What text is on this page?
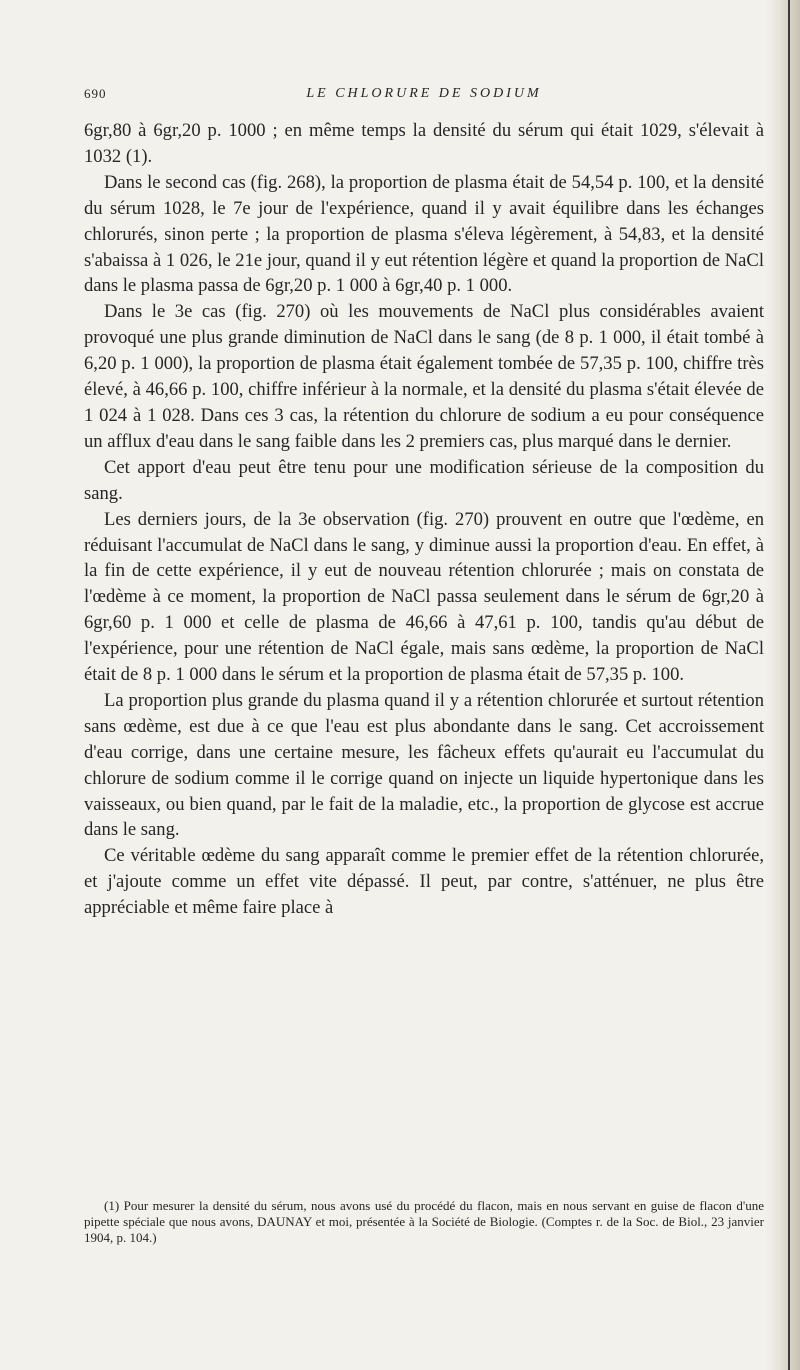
690	LE CHLORURE DE SODIUM

6gr,80 à 6gr,20 p. 1000 ; en même temps la densité du sérum qui était 1029, s'élevait à 1032 (1).

Dans le second cas (fig. 268), la proportion de plasma était de 54,54 p. 100, et la densité du sérum 1028, le 7e jour de l'expérience, quand il y avait équilibre dans les échanges chlorurés, sinon perte ; la proportion de plasma s'éleva légèrement, à 54,83, et la densité s'abaissa à 1 026, le 21e jour, quand il y eut rétention légère et quand la proportion de NaCl dans le plasma passa de 6gr,20 p. 1 000 à 6gr,40 p. 1 000.

Dans le 3e cas (fig. 270) où les mouvements de NaCl plus considérables avaient provoqué une plus grande diminution de NaCl dans le sang (de 8 p. 1 000, il était tombé à 6,20 p. 1 000), la proportion de plasma était également tombée de 57,35 p. 100, chiffre très élevé, à 46,66 p. 100, chiffre inférieur à la normale, et la densité du plasma s'était élevée de 1 024 à 1 028. Dans ces 3 cas, la rétention du chlorure de sodium a eu pour conséquence un afflux d'eau dans le sang faible dans les 2 premiers cas, plus marqué dans le dernier.

Cet apport d'eau peut être tenu pour une modification sérieuse de la composition du sang.

Les derniers jours, de la 3e observation (fig. 270) prouvent en outre que l'œdème, en réduisant l'accumulat de NaCl dans le sang, y diminue aussi la proportion d'eau. En effet, à la fin de cette expérience, il y eut de nouveau rétention chlorurée ; mais on constata de l'œdème à ce moment, la proportion de NaCl passa seulement dans le sérum de 6gr,20 à 6gr,60 p. 1 000 et celle de plasma de 46,66 à 47,61 p. 100, tandis qu'au début de l'expérience, pour une rétention de NaCl égale, mais sans œdème, la proportion de NaCl était de 8 p. 1 000 dans le sérum et la proportion de plasma était de 57,35 p. 100.

La proportion plus grande du plasma quand il y a rétention chlorurée et surtout rétention sans œdème, est due à ce que l'eau est plus abondante dans le sang. Cet accroissement d'eau corrige, dans une certaine mesure, les fâcheux effets qu'aurait eu l'accumulat du chlorure de sodium comme il le corrige quand on injecte un liquide hypertonique dans les vaisseaux, ou bien quand, par le fait de la maladie, etc., la proportion de glycose est accrue dans le sang.

Ce véritable œdème du sang apparaît comme le premier effet de la rétention chlorurée, et j'ajoute comme un effet vite dépassé. Il peut, par contre, s'atténuer, ne plus être appréciable et même faire place à

(1) Pour mesurer la densité du sérum, nous avons usé du procédé du flacon, mais en nous servant en guise de flacon d'une pipette spéciale que nous avons, DAUNAY et moi, présentée à la Société de Biologie. (Comptes r. de la Soc. de Biol., 23 janvier 1904, p. 104.)
